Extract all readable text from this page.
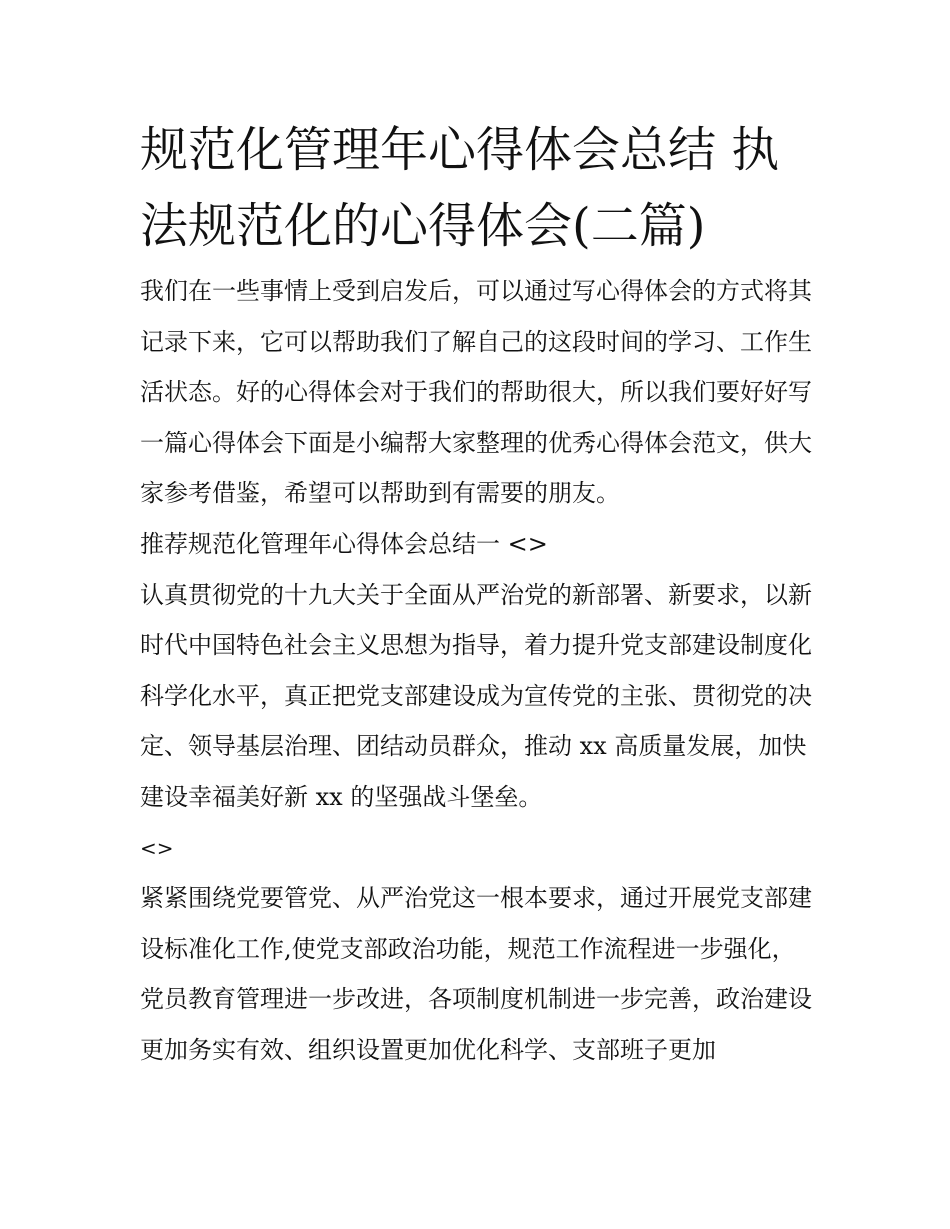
规范化管理年心得体会总结 执法规范化的心得体会(二篇)

我们在一些事情上受到启发后，可以通过写心得体会的方式将其记录下来，它可以帮助我们了解自己的这段时间的学习、工作生活状态。好的心得体会对于我们的帮助很大，所以我们要好好写一篇心得体会下面是小编帮大家整理的优秀心得体会范文，供大家参考借鉴，希望可以帮助到有需要的朋友。

推荐规范化管理年心得体会总结一 <>

认真贯彻党的十九大关于全面从严治党的新部署、新要求，以新时代中国特色社会主义思想为指导，着力提升党支部建设制度化科学化水平，真正把党支部建设成为宣传党的主张、贯彻党的决定、领导基层治理、团结动员群众，推动 xx 高质量发展，加快建设幸福美好新 xx 的坚强战斗堡垒。

<>

紧紧围绕党要管党、从严治党这一根本要求，通过开展党支部建设标准化工作,使党支部政治功能，规范工作流程进一步强化，党员教育管理进一步改进，各项制度机制进一步完善，政治建设更加务实有效、组织设置更加优化科学、支部班子更加
